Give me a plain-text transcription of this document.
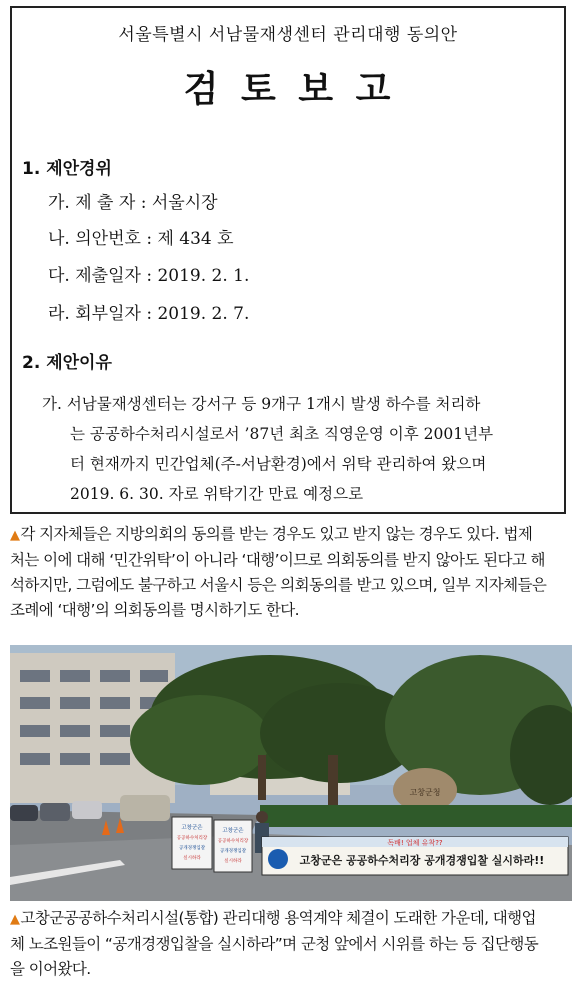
서울특별시 서남물재생센터 관리대행 동의안
검 토 보 고
1. 제안경위
가. 제 출 자 : 서울시장
나. 의안번호 : 제 434 호
다. 제출일자 : 2019. 2. 1.
라. 회부일자 : 2019. 2. 7.
2. 제안이유
가. 서남물재생센터는 강서구 등 9개구 1개시 발생 하수를 처리하
는 공공하수처리시설로서 ’87년 최초 직영운영 이후 2001년부
터 현재까지 민간업체(주-서남환경)에서 위탁 관리하여 왔으며
2019. 6. 30. 자로 위탁기간 만료 예정으로
▲각 지자체들은 지방의회의 동의를 받는 경우도 있고 받지 않는 경우도 있다. 법제
처는 이에 대해 ‘민간위탁’이 아니라 ‘대행’이므로 의회동의를 받지 않아도 된다고 해
석하지만, 그럼에도 불구하고 서울시 등은 의회동의를 받고 있으며, 일부 지자체들은
조례에 ‘대행’의 의회동의를 명시하기도 한다.
고창군청
고창군은
공공하수처리장
공개경쟁입찰
실시하라
고창군은
공공하수처리장
공개경쟁입찰
실시하라
독배! 업체 유착??
고창군은 공공하수처리장 공개경쟁입찰 실시하라!!
▲고창군공공하수처리시설(통합) 관리대행 용역계약 체결이 도래한 가운데, 대행업
체 노조원들이 “공개경쟁입찰을 실시하라”며 군청 앞에서 시위를 하는 등 집단행동
을 이어왔다.
